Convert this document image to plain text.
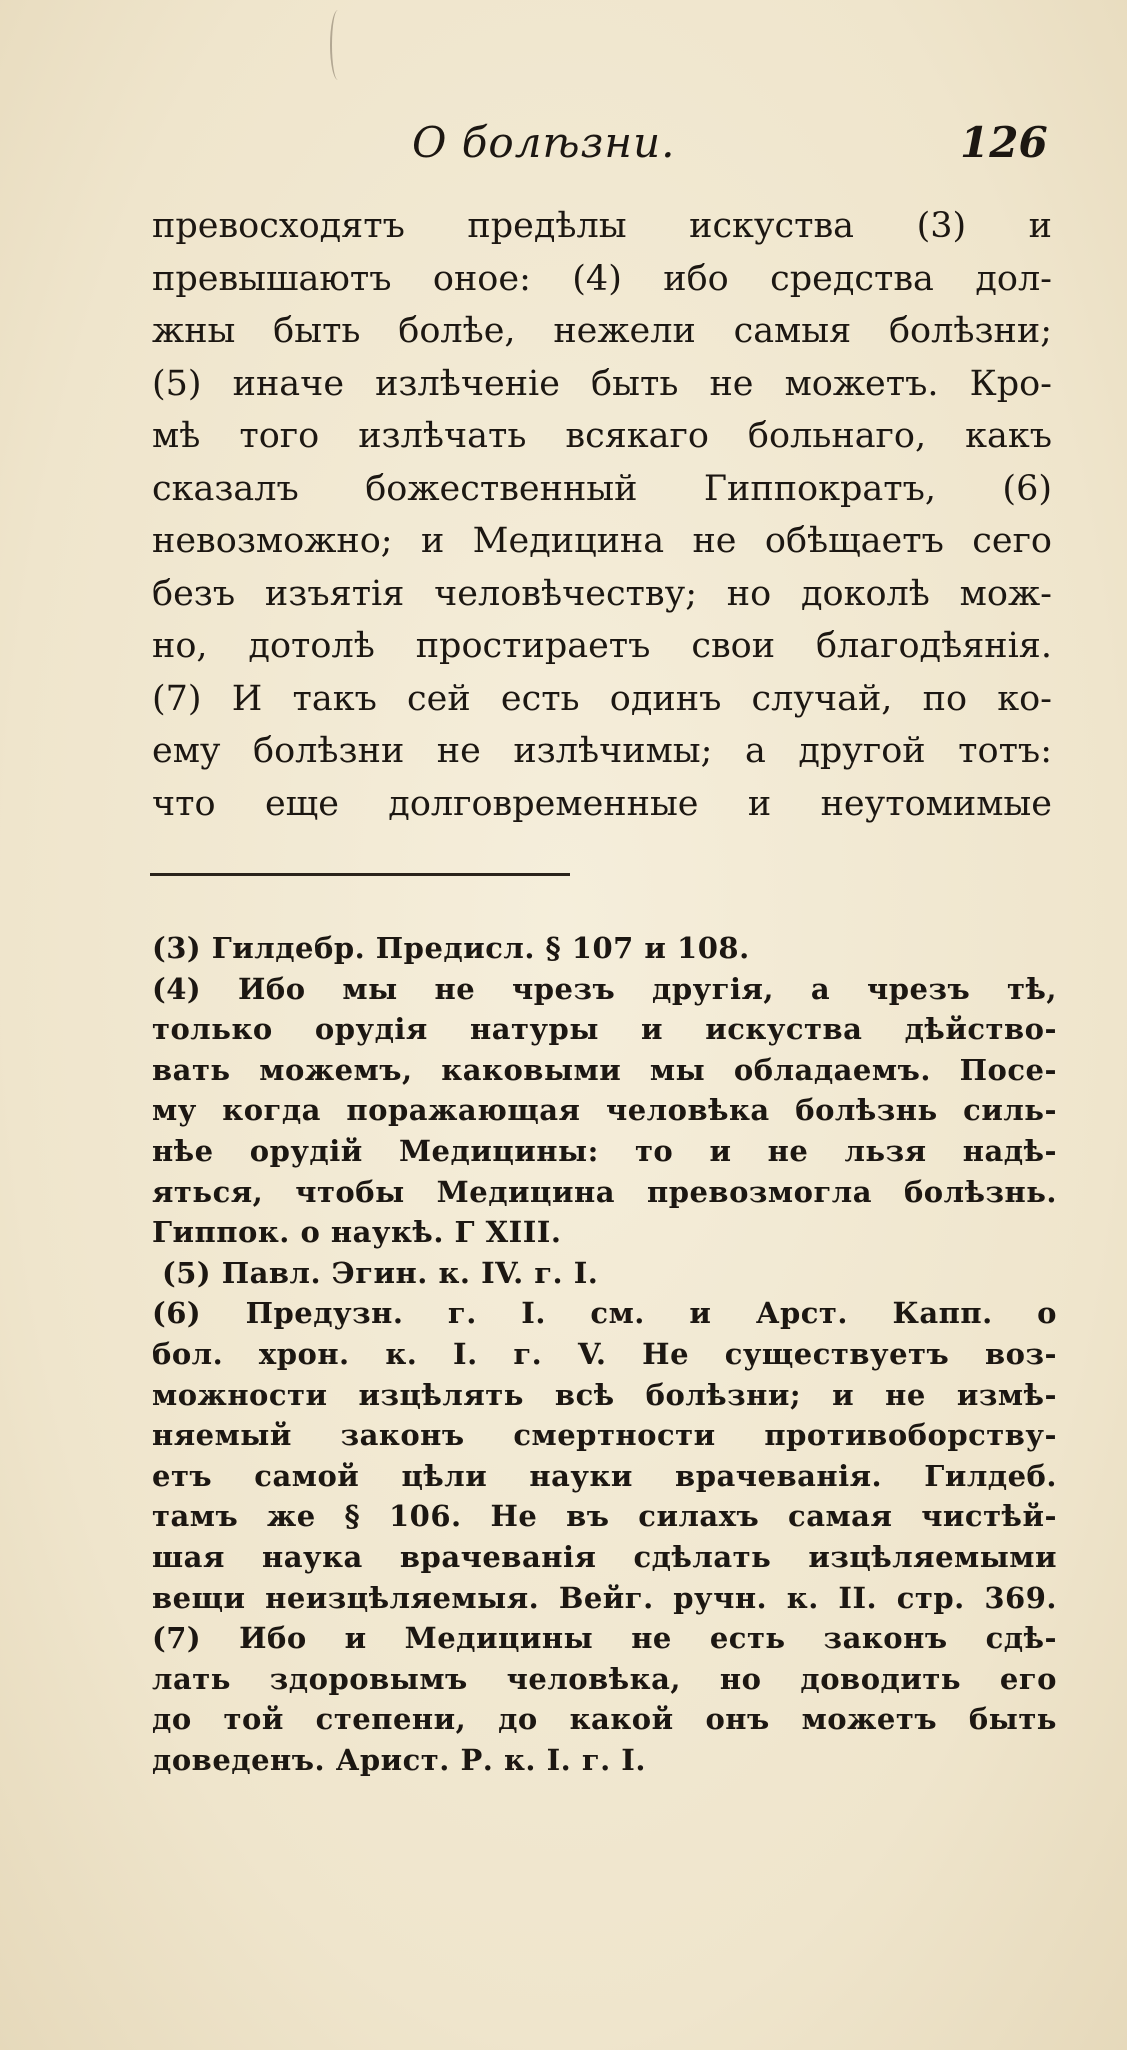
О болѣзни.	126
превосходятъ предѣлы искуства (3) и
превышаютъ оное: (4) ибо средства дол-
жны быть болѣе, нежели самыя болѣзни;
(5) иначе излѣченіе быть не можетъ. Кро-
мѣ того излѣчать всякаго больнаго, какъ
сказалъ божественный Гиппократъ, (6)
невозможно; и Медицина не обѣщаетъ сего
безъ изъятія человѣчеству; но доколѣ мож-
но, дотолѣ простираетъ свои благодѣянія.
(7) И такъ сей есть одинъ случай, по ко-
ему болѣзни не излѣчимы; а другой тотъ:
что еще долговременные и неутомимые
(3) Гилдебр. Предисл. § 107 и 108.
(4) Ибо мы не чрезъ другія, а чрезъ тѣ,
только орудія натуры и искуства дѣйство-
вать можемъ, каковыми мы обладаемъ. Посе-
му когда поражающая человѣка болѣзнь силь-
нѣе орудій Медицины: то и не льзя надѣ-
яться, чтобы Медицина превозмогла болѣзнь.
Гиппок. о наукѣ. Г XIII.
(5) Павл. Эгин. к. IV. г. I.
(6) Предузн. г. I. см. и Арст. Капп. о
бол. хрон. к. I. г. V. Не существуетъ воз-
можности изцѣлять всѣ болѣзни; и не измѣ-
няемый законъ смертности противоборству-
етъ самой цѣли науки врачеванія. Гилдеб.
тамъ же § 106. Не въ силахъ самая чистѣй-
шая наука врачеванія сдѣлать изцѣляемыми
вещи неизцѣляемыя. Вейг. ручн. к. II. стр. 369.
(7) Ибо и Медицины не есть законъ сдѣ-
лать здоровымъ человѣка, но доводить его
до той степени, до какой онъ можетъ быть
доведенъ. Арист. Р. к. I. г. I.
